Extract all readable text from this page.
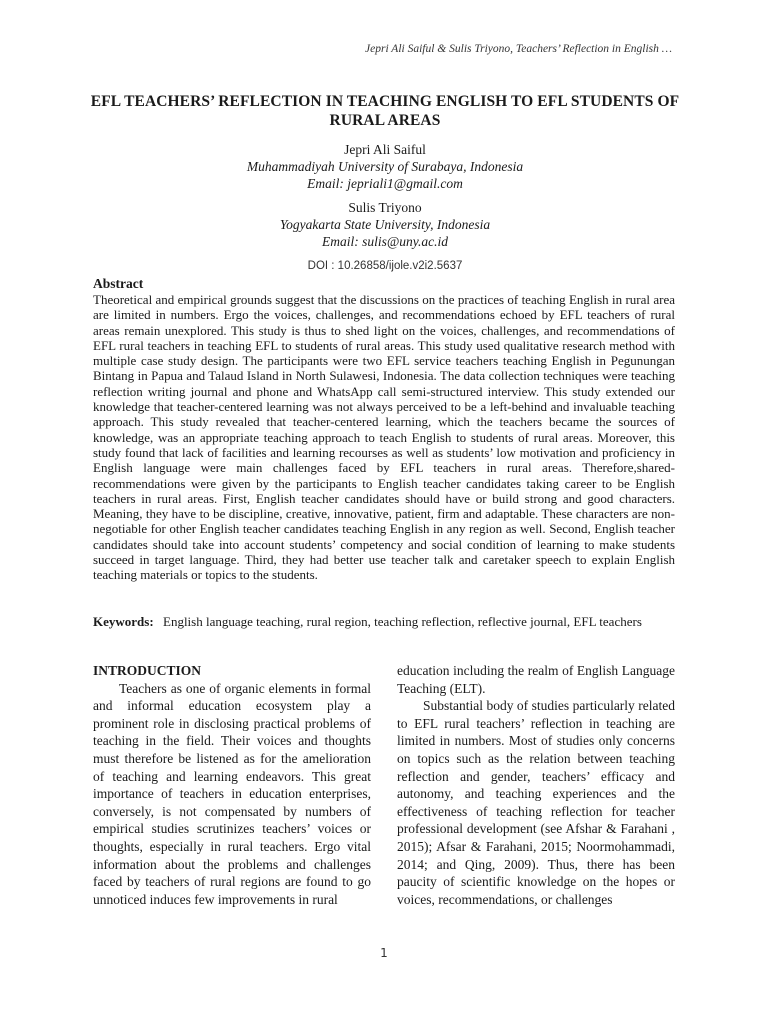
Jepri Ali Saiful & Sulis Triyono, Teachers’ Reflection in English …
EFL TEACHERS’ REFLECTION IN TEACHING ENGLISH TO EFL STUDENTS OF RURAL AREAS
Jepri Ali Saiful
Muhammadiyah University of Surabaya, Indonesia
Email: jepriali1@gmail.com
Sulis Triyono
Yogyakarta State University, Indonesia
Email: sulis@uny.ac.id
DOI : 10.26858/ijole.v2i2.5637
Abstract
Theoretical and empirical grounds suggest that the discussions on the practices of teaching English in rural area are limited in numbers. Ergo the voices, challenges, and recommendations echoed by EFL teachers of rural areas remain unexplored. This study is thus to shed light on the voices, challenges, and recommendations of EFL rural teachers in teaching EFL to students of rural areas. This study used qualitative research method with multiple case study design. The participants were two EFL service teachers teaching English in Pegunungan Bintang in Papua and Talaud Island in North Sulawesi, Indonesia. The data collection techniques were teaching reflection writing journal and phone and WhatsApp call semi-structured interview. This study extended our knowledge that teacher-centered learning was not always perceived to be a left-behind and invaluable teaching approach. This study revealed that teacher-centered learning, which the teachers became the sources of knowledge, was an appropriate teaching approach to teach English to students of rural areas. Moreover, this study found that lack of facilities and learning recourses as well as students’ low motivation and proficiency in English language were main challenges faced by EFL teachers in rural areas. Therefore,shared-recommendations were given by the participants to English teacher candidates taking career to be English teachers in rural areas. First, English teacher candidates should have or build strong and good characters. Meaning, they have to be discipline, creative, innovative, patient, firm and adaptable. These characters are non-negotiable for other English teacher candidates teaching English in any region as well. Second, English teacher candidates should take into account students’ competency and social condition of learning to make students succeed in target language. Third, they had better use teacher talk and caretaker speech to explain English teaching materials or topics to the students.
Keywords: English language teaching, rural region, teaching reflection, reflective journal, EFL teachers
INTRODUCTION
Teachers as one of organic elements in formal and informal education ecosystem play a prominent role in disclosing practical problems of teaching in the field. Their voices and thoughts must therefore be listened as for the amelioration of teaching and learning endeavors. This great importance of teachers in education enterprises, conversely, is not compensated by numbers of empirical studies scrutinizes teachers’ voices or thoughts, especially in rural teachers. Ergo vital information about the problems and challenges faced by teachers of rural regions are found to go unnoticed induces few improvements in rural
education including the realm of English Language Teaching (ELT).
Substantial body of studies particularly related to EFL rural teachers’ reflection in teaching are limited in numbers. Most of studies only concerns on topics such as the relation between teaching reflection and gender, teachers’ efficacy and autonomy, and teaching experiences and the effectiveness of teaching reflection for teacher professional development (see Afshar & Farahani , 2015); Afsar & Farahani, 2015; Noormohammadi, 2014; and Qing, 2009). Thus, there has been paucity of scientific knowledge on the hopes or voices, recommendations, or challenges
1
